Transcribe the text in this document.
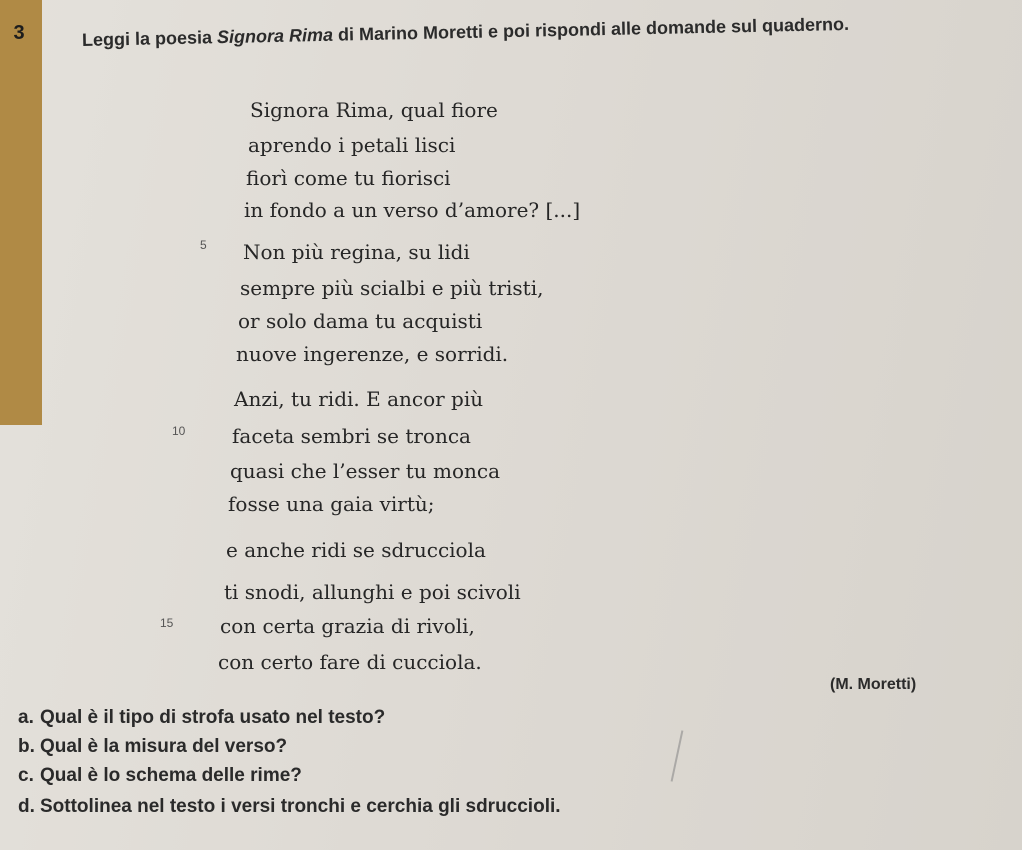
3	Leggi la poesia Signora Rima di Marino Moretti e poi rispondi alle domande sul quaderno.
Signora Rima, qual fiore
aprendo i petali lisci
fiorì come tu fiorisci
in fondo a un verso d’amore? [...]
5 Non più regina, su lidi
sempre più scialbi e più tristi,
or solo dama tu acquisti
nuove ingerenze, e sorridi.
Anzi, tu ridi. E ancor più
10 faceta sembri se tronca
quasi che l’esser tu monca
fosse una gaia virtù;
e anche ridi se sdrucciola
ti snodi, allunghi e poi scivoli
15 con certa grazia di rivoli,
con certo fare di cucciola.
(M. Moretti)
a. Qual è il tipo di strofa usato nel testo?
b. Qual è la misura del verso?
c. Qual è lo schema delle rime?
d. Sottolinea nel testo i versi tronchi e cerchia gli sdruccioli.
